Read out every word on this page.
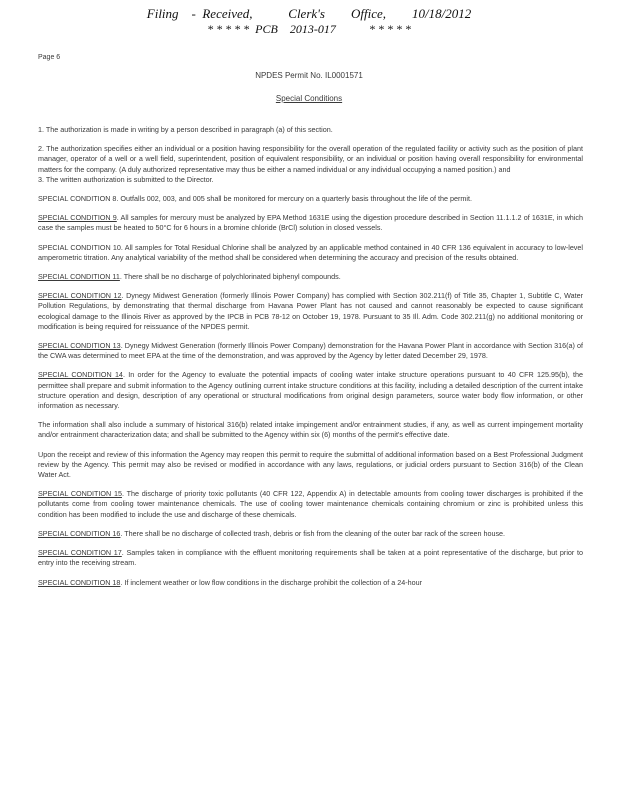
Filing    -  Received,           Clerk's        Office,        10/18/2012
* * * * *  PCB    2013-017           * * * * *
Page 6
NPDES Permit No. IL0001571
Special Conditions

1. The authorization is made in writing by a person described in paragraph (a) of this section.

2. The authorization specifies either an individual or a position having responsibility for the overall operation of the regulated facility or activity such as the position of plant manager, operator of a well or a well field, superintendent, position of equivalent responsibility, or an individual or position having overall responsibility for environmental matters for the company. (A duly authorized representative may thus be either a named individual or any individual occupying a named position.) and

3. The written authorization is submitted to the Director.

SPECIAL CONDITION 8. Outfalls 002, 003, and 005 shall be monitored for mercury on a quarterly basis throughout the life of the permit.

SPECIAL CONDITION 9. All samples for mercury must be analyzed by EPA Method 1631E using the digestion procedure described in Section 11.1.1.2 of 1631E, in which case the samples must be heated to 50°C for 6 hours in a bromine chloride (BrCl) solution in closed vessels.

SPECIAL CONDITION 10. All samples for Total Residual Chlorine shall be analyzed by an applicable method contained in 40 CFR 136 equivalent in accuracy to low-level amperometric titration. Any analytical variability of the method shall be considered when determining the accuracy and precision of the results obtained.

SPECIAL CONDITION 11. There shall be no discharge of polychlorinated biphenyl compounds.

SPECIAL CONDITION 12. Dynegy Midwest Generation (formerly Illinois Power Company) has complied with Section 302.211(f) of Title 35, Chapter 1, Subtitle C, Water Pollution Regulations, by demonstrating that thermal discharge from Havana Power Plant has not caused and cannot reasonably be expected to cause significant ecological damage to the Illinois River as approved by the IPCB in PCB 78-12 on October 19, 1978. Pursuant to 35 Ill. Adm. Code 302.211(g) no additional monitoring or modification is being required for reissuance of the NPDES permit.

SPECIAL CONDITION 13. Dynegy Midwest Generation (formerly Illinois Power Company) demonstration for the Havana Power Plant in accordance with Section 316(a) of the CWA was determined to meet EPA at the time of the demonstration, and was approved by the Agency by letter dated December 29, 1978.

SPECIAL CONDITION 14. In order for the Agency to evaluate the potential impacts of cooling water intake structure operations pursuant to 40 CFR 125.95(b), the permittee shall prepare and submit information to the Agency outlining current intake structure conditions at this facility, including a detailed description of the current intake structure operation and design, description of any operational or structural modifications from original design parameters, source water body flow information, or other information as necessary.

The information shall also include a summary of historical 316(b) related intake impingement and/or entrainment studies, if any, as well as current impingement mortality and/or entrainment characterization data; and shall be submitted to the Agency within six (6) months of the permit's effective date.

Upon the receipt and review of this information the Agency may reopen this permit to require the submittal of additional information based on a Best Professional Judgment review by the Agency. This permit may also be revised or modified in accordance with any laws, regulations, or judicial orders pursuant to Section 316(b) of the Clean Water Act.

SPECIAL CONDITION 15. The discharge of priority toxic pollutants (40 CFR 122, Appendix A) in detectable amounts from cooling tower discharges is prohibited if the pollutants come from cooling tower maintenance chemicals. The use of cooling tower maintenance chemicals containing chromium or zinc is prohibited unless this condition has been modified to include the use and discharge of these chemicals.

SPECIAL CONDITION 16. There shall be no discharge of collected trash, debris or fish from the cleaning of the outer bar rack of the screen house.

SPECIAL CONDITION 17. Samples taken in compliance with the effluent monitoring requirements shall be taken at a point representative of the discharge, but prior to entry into the receiving stream.

SPECIAL CONDITION 18. If inclement weather or low flow conditions in the discharge prohibit the collection of a 24-hour
